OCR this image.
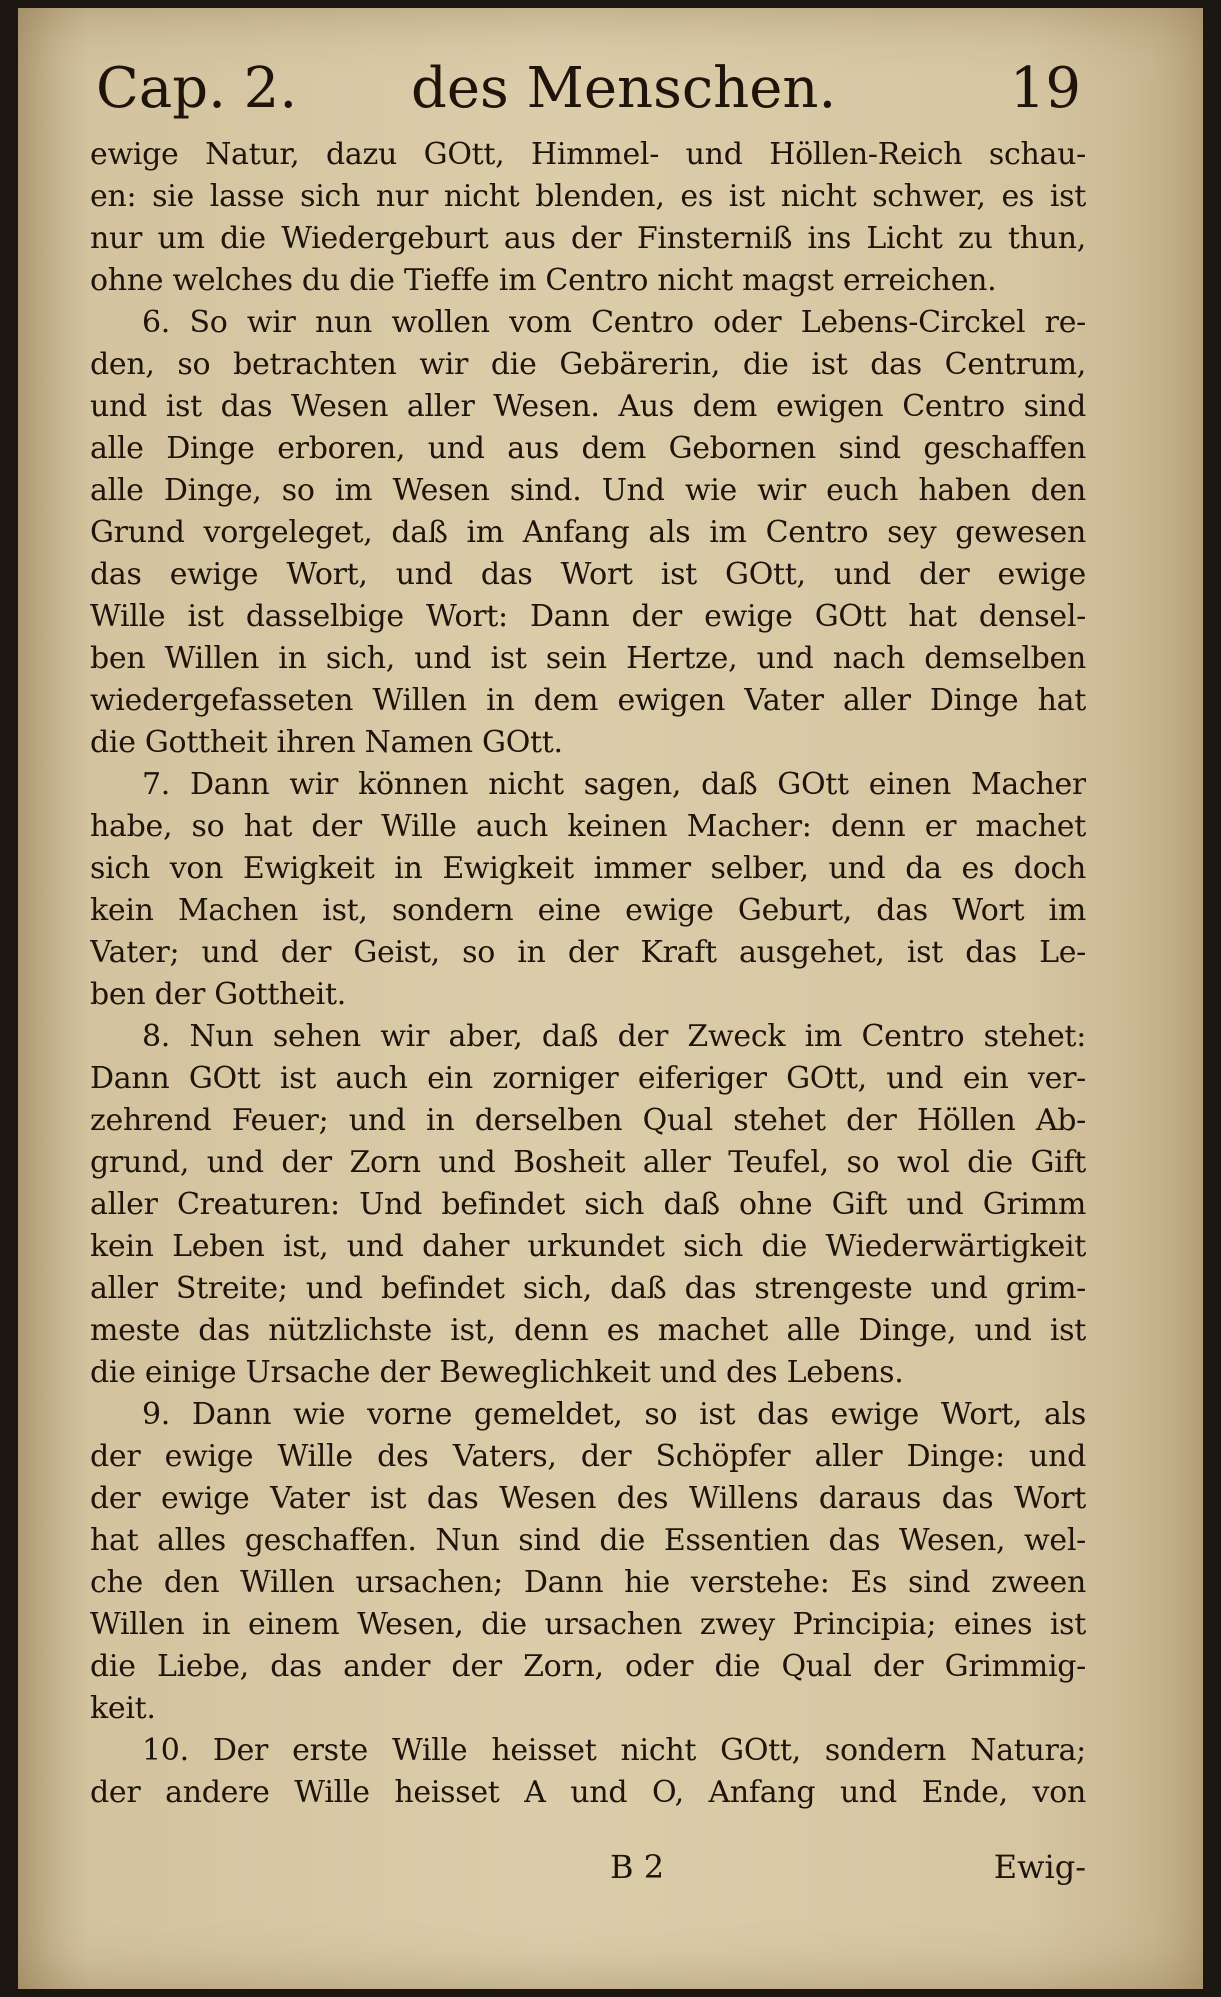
Cap. 2. des Menschen.	19
ewige Natur, dazu GOtt, Himmel- und Höllen-Reich schau-
en: sie lasse sich nur nicht blenden, es ist nicht schwer, es ist
nur um die Wiedergeburt aus der Finsterniß ins Licht zu thun,
ohne welches du die Tieffe im Centro nicht magst erreichen.
6. So wir nun wollen vom Centro oder Lebens-Circkel re-
den, so betrachten wir die Gebärerin, die ist das Centrum,
und ist das Wesen aller Wesen. Aus dem ewigen Centro sind
alle Dinge erboren, und aus dem Gebornen sind geschaffen
alle Dinge, so im Wesen sind. Und wie wir euch haben den
Grund vorgeleget, daß im Anfang als im Centro sey gewesen
das ewige Wort, und das Wort ist GOtt, und der ewige
Wille ist dasselbige Wort: Dann der ewige GOtt hat densel-
ben Willen in sich, und ist sein Hertze, und nach demselben
wiedergefasseten Willen in dem ewigen Vater aller Dinge hat
die Gottheit ihren Namen GOtt.
7. Dann wir können nicht sagen, daß GOtt einen Macher
habe, so hat der Wille auch keinen Macher: denn er machet
sich von Ewigkeit in Ewigkeit immer selber, und da es doch
kein Machen ist, sondern eine ewige Geburt, das Wort im
Vater; und der Geist, so in der Kraft ausgehet, ist das Le-
ben der Gottheit.
8. Nun sehen wir aber, daß der Zweck im Centro stehet:
Dann GOtt ist auch ein zorniger eiferiger GOtt, und ein ver-
zehrend Feuer; und in derselben Qual stehet der Höllen Ab-
grund, und der Zorn und Bosheit aller Teufel, so wol die Gift
aller Creaturen: Und befindet sich daß ohne Gift und Grimm
kein Leben ist, und daher urkundet sich die Wiederwärtigkeit
aller Streite; und befindet sich, daß das strengeste und grim-
meste das nützlichste ist, denn es machet alle Dinge, und ist
die einige Ursache der Beweglichkeit und des Lebens.
9. Dann wie vorne gemeldet, so ist das ewige Wort, als
der ewige Wille des Vaters, der Schöpfer aller Dinge: und
der ewige Vater ist das Wesen des Willens daraus das Wort
hat alles geschaffen. Nun sind die Essentien das Wesen, wel-
che den Willen ursachen; Dann hie verstehe: Es sind zween
Willen in einem Wesen, die ursachen zwey Principia; eines ist
die Liebe, das ander der Zorn, oder die Qual der Grimmig-
keit.
10. Der erste Wille heisset nicht GOtt, sondern Natura;
der andere Wille heisset A und O, Anfang und Ende, von
B 2	Ewig-
